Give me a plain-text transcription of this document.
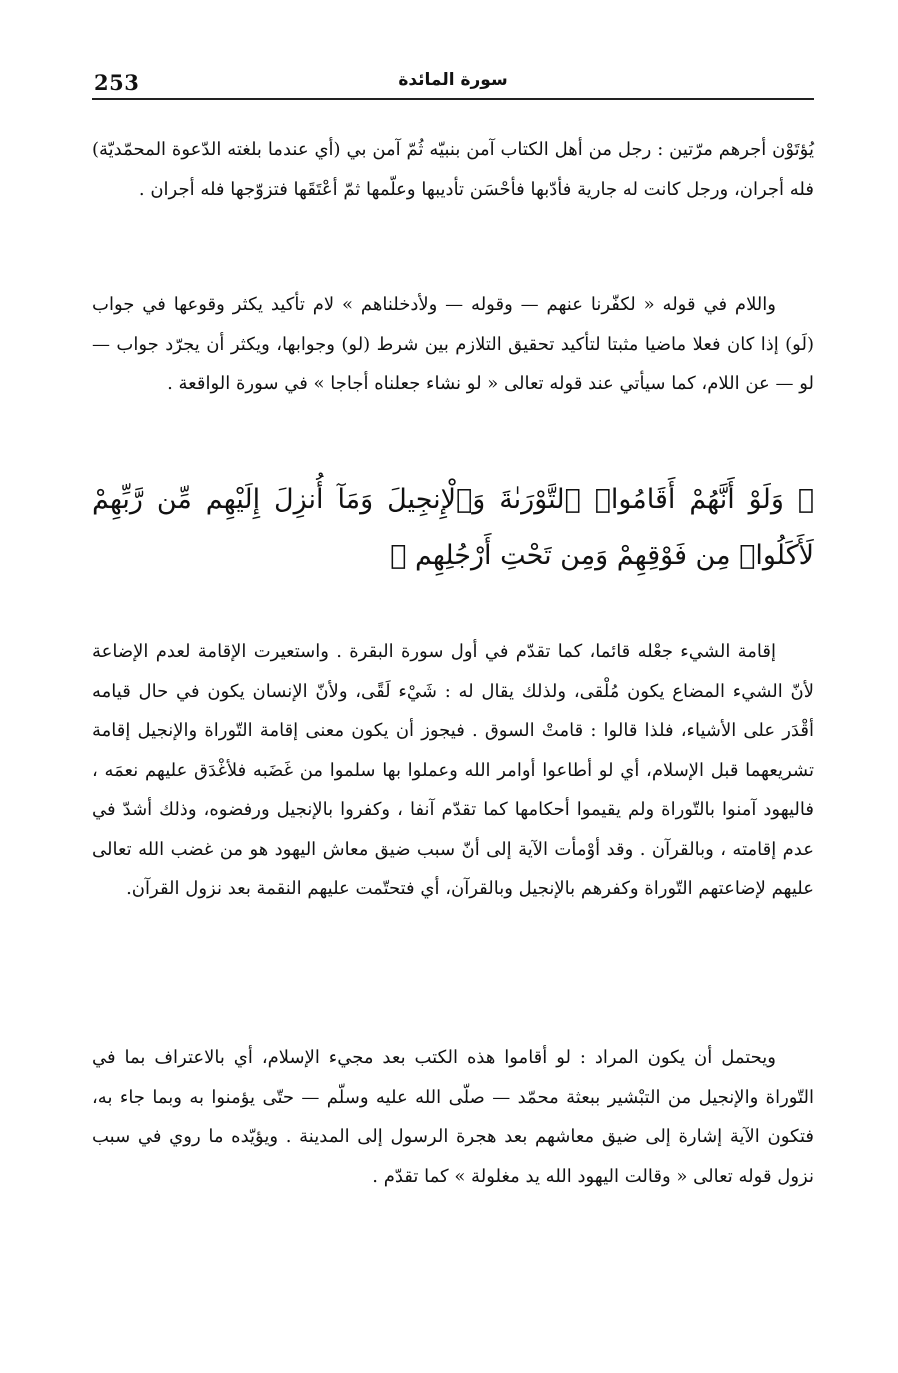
253	سورة المائدة

يُؤتَوْن أجرهم مرّتين : رجل من أهل الكتاب آمن بنبيّه ثُمّ آمن بي (أي عندما بلغته الدّعوة المحمّديّة) فله أجران، ورجل كانت له جارية فأدّبها فأحْسَن تأديبها وعلّمها ثمّ أعْتَقَها فتزوّجها فله أجران .

واللام في قوله « لكفّرنا عنهم — وقوله — ولأدخلناهم » لام تأكيد يكثر وقوعها في جواب (لَو) إذا كان فعلا ماضيا مثبتا لتأكيد تحقيق التلازم بين شرط (لو) وجوابها، ويكثر أن يجرّد جواب — لو — عن اللام، كما سيأتي عند قوله تعالى « لو نشاء جعلناه أجاجا » في سورة الواقعة .

﴿ وَلَوْ أَنَّهُمْ أَقَامُوا۟ ٱلتَّوْرَىٰةَ وَٱلْإِنجِيلَ وَمَآ أُنزِلَ إِلَيْهِم مِّن رَّبِّهِمْ لَأَكَلُوا۟ مِن فَوْقِهِمْ وَمِن تَحْتِ أَرْجُلِهِم ﴾

إقامة الشيء جعْله قائما، كما تقدّم في أول سورة البقرة . واستعيرت الإقامة لعدم الإضاعة لأنّ الشيء المضاع يكون مُلْقى، ولذلك يقال له : شَيْء لَقًى، ولأنّ الإنسان يكون في حال قيامه أقْدَر على الأشياء، فلذا قالوا : قامتْ السوق . فيجوز أن يكون معنى إقامة التّوراة والإنجيل إقامة تشريعهما قبل الإسلام، أي لو أطاعوا أوامر الله وعملوا بها سلموا من غَضَبه فلأغْدَق عليهم نعمَه ، فاليهود آمنوا بالتّوراة ولم يقيموا أحكامها كما تقدّم آنفا ، وكفروا بالإنجيل ورفضوه، وذلك أشدّ في عدم إقامته ، وبالقرآن . وقد أوْمأت الآية إلى أنّ سبب ضيق معاش اليهود هو من غضب الله تعالى عليهم لإضاعتهم التّوراة وكفرهم بالإنجيل وبالقرآن، أي فتحتّمت عليهم النقمة بعد نزول القرآن.

ويحتمل أن يكون المراد : لو أقاموا هذه الكتب بعد مجيء الإسلام، أي بالاعتراف بما في التّوراة والإنجيل من التبْشير ببعثة محمّد — صلّى الله عليه وسلّم — حتّى يؤمنوا به وبما جاء به، فتكون الآية إشارة إلى ضيق معاشهم بعد هجرة الرسول إلى المدينة . ويؤيّده ما روي في سبب نزول قوله تعالى « وقالت اليهود الله يد مغلولة » كما تقدّم .
